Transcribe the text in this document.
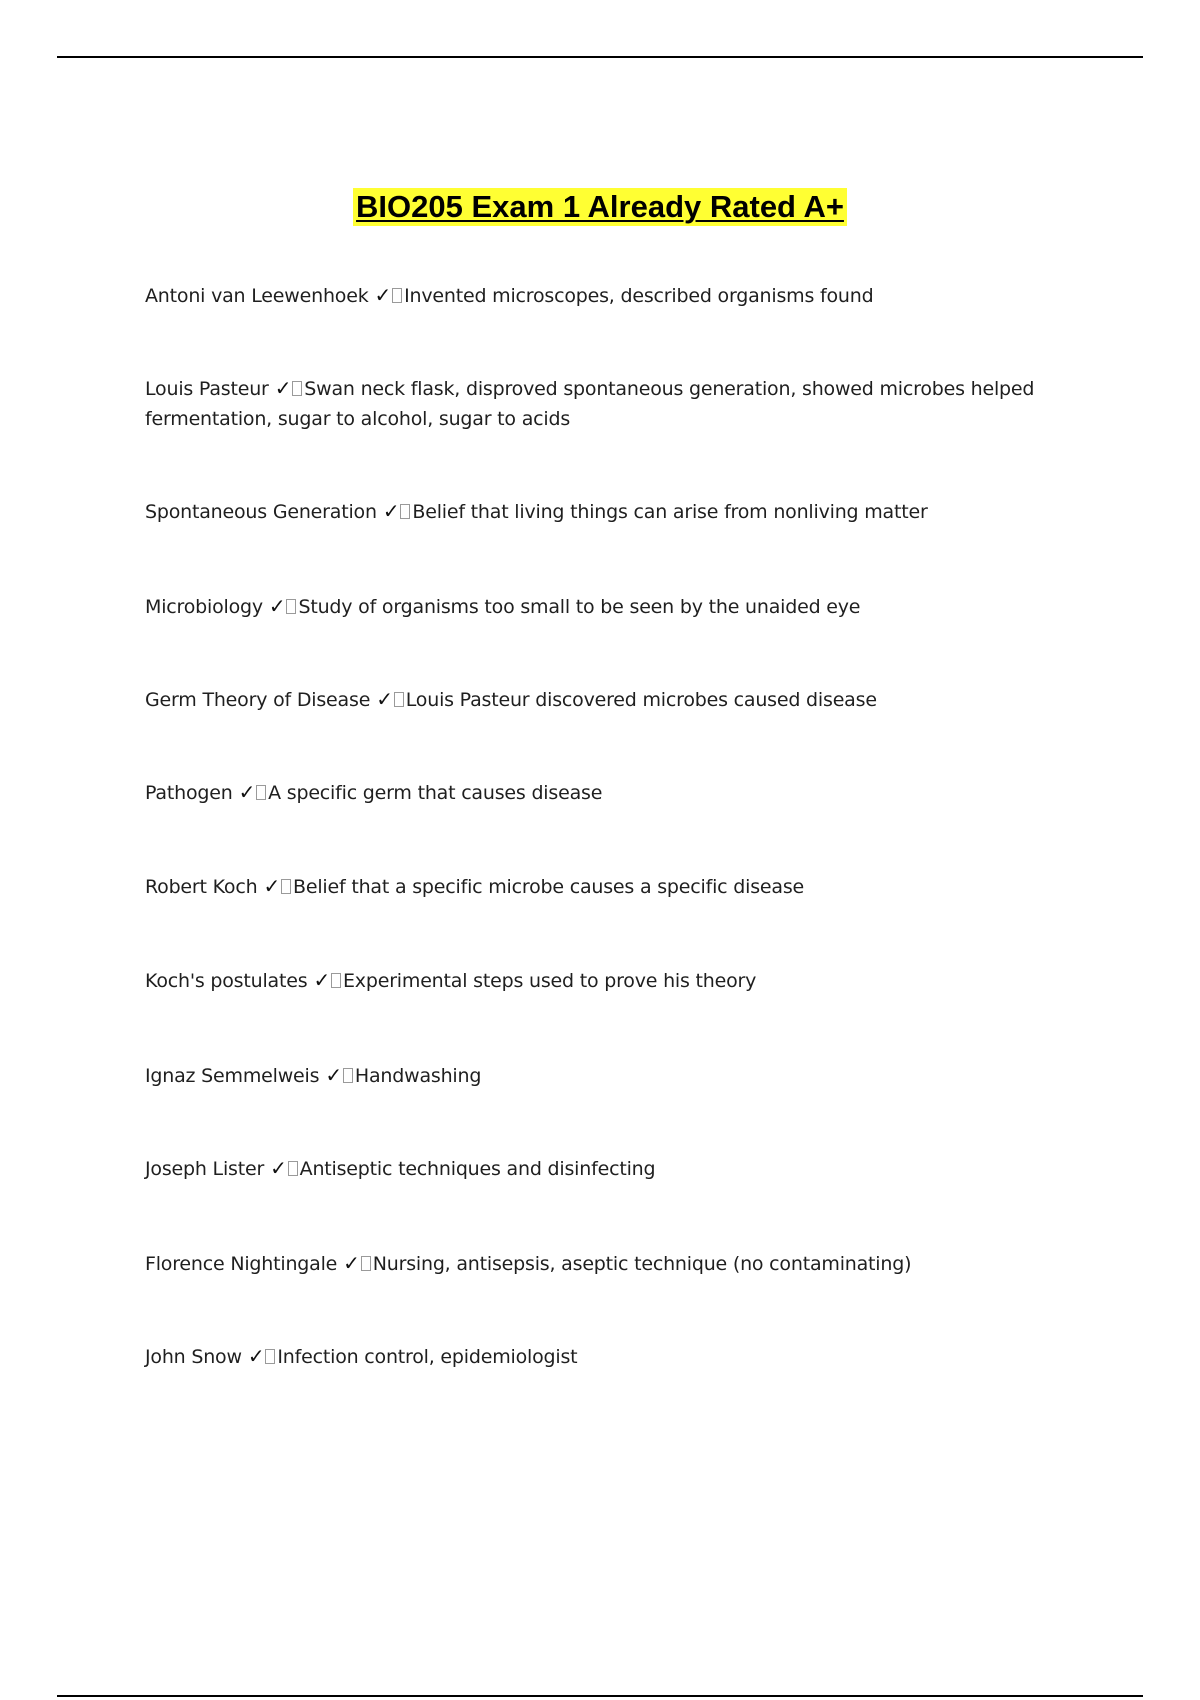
BIO205 Exam 1 Already Rated A+
Antoni van Leewenhoek ✓ Invented microscopes, described organisms found
Louis Pasteur ✓ Swan neck flask, disproved spontaneous generation, showed microbes helped fermentation, sugar to alcohol, sugar to acids
Spontaneous Generation ✓ Belief that living things can arise from nonliving matter
Microbiology ✓ Study of organisms too small to be seen by the unaided eye
Germ Theory of Disease ✓ Louis Pasteur discovered microbes caused disease
Pathogen ✓ A specific germ that causes disease
Robert Koch ✓ Belief that a specific microbe causes a specific disease
Koch's postulates ✓ Experimental steps used to prove his theory
Ignaz Semmelweis ✓ Handwashing
Joseph Lister ✓ Antiseptic techniques and disinfecting
Florence Nightingale ✓ Nursing, antisepsis, aseptic technique (no contaminating)
John Snow ✓ Infection control, epidemiologist
